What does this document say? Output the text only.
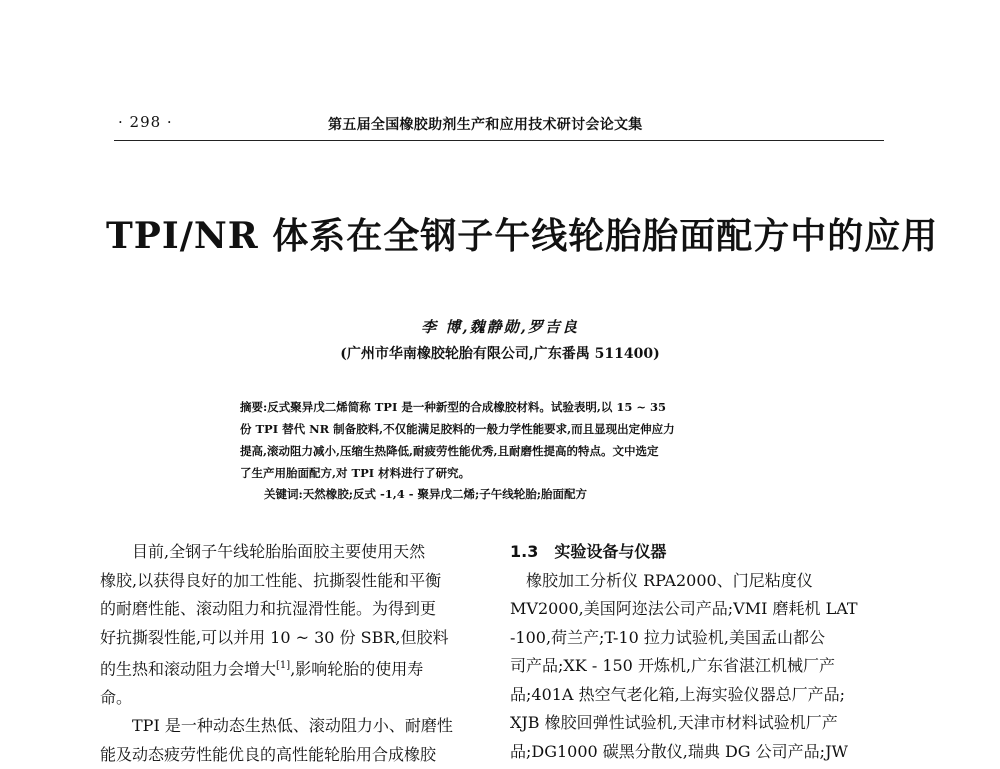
· 298 ·	第五届全国橡胶助剂生产和应用技术研讨会论文集
TPI/NR 体系在全钢子午线轮胎胎面配方中的应用
李 博,魏静勋,罗吉良
(广州市华南橡胶轮胎有限公司,广东番禺 511400)
摘要:反式聚异戊二烯简称 TPI 是一种新型的合成橡胶材料。试验表明,以 15 ~ 35
份 TPI 替代 NR 制备胶料,不仅能满足胶料的一般力学性能要求,而且显现出定伸应力
提高,滚动阻力减小,压缩生热降低,耐疲劳性能优秀,且耐磨性提高的特点。文中选定
了生产用胎面配方,对 TPI 材料进行了研究。
关键词:天然橡胶;反式 -1,4 - 聚异戊二烯;子午线轮胎;胎面配方
　　目前,全钢子午线轮胎胎面胶主要使用天然
橡胶,以获得良好的加工性能、抗撕裂性能和平衡
的耐磨性能、滚动阻力和抗湿滑性能。为得到更
好抗撕裂性能,可以并用 10 ~ 30 份 SBR,但胶料
的生热和滚动阻力会增大[1],影响轮胎的使用寿
命。
　　TPI 是一种动态生热低、滚动阻力小、耐磨性
能及动态疲劳性能优良的高性能轮胎用合成橡胶
1.3　实验设备与仪器
　橡胶加工分析仪 RPA2000、门尼粘度仪
MV2000,美国阿迩法公司产品;VMI 磨耗机 LAT
-100,荷兰产;T-10 拉力试验机,美国孟山都公
司产品;XK - 150 开炼机,广东省湛江机械厂产
品;401A 热空气老化箱,上海实验仪器总厂产品;
XJB 橡胶回弹性试验机,天津市材料试验机厂产
品;DG1000 碳黑分散仪,瑞典 DG 公司产品;JW
